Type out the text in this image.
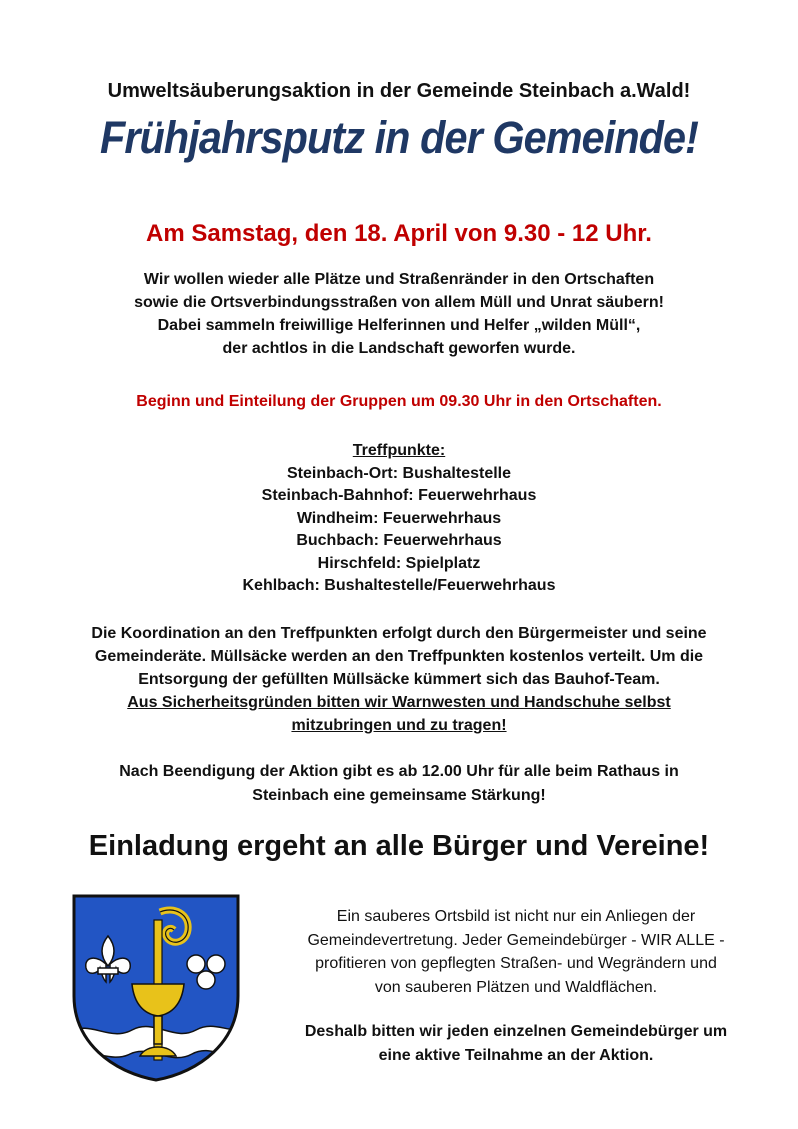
Umweltsäuberungsaktion in der Gemeinde Steinbach a.Wald!
Frühjahrsputz in der Gemeinde!
Am Samstag, den 18. April von 9.30 - 12 Uhr.
Wir wollen wieder alle Plätze und Straßenränder in den Ortschaften
sowie die Ortsverbindungsstraßen von allem Müll und Unrat säubern!
Dabei sammeln freiwillige Helferinnen und Helfer „wilden Müll“,
der achtlos in die Landschaft geworfen wurde.
Beginn und Einteilung der Gruppen um 09.30 Uhr in den Ortschaften.
Treffpunkte:
Steinbach-Ort: Bushaltestelle
Steinbach-Bahnhof: Feuerwehrhaus
Windheim: Feuerwehrhaus
Buchbach: Feuerwehrhaus
Hirschfeld: Spielplatz
Kehlbach: Bushaltestelle/Feuerwehrhaus
Die Koordination an den Treffpunkten erfolgt durch den Bürgermeister und seine
Gemeinderäte. Müllsäcke werden an den Treffpunkten kostenlos verteilt. Um die
Entsorgung der gefüllten Müllsäcke kümmert sich das Bauhof-Team.
Aus Sicherheitsgründen bitten wir Warnwesten und Handschuhe selbst
mitzubringen und zu tragen!
Nach Beendigung der Aktion gibt es ab 12.00 Uhr für alle beim Rathaus in
Steinbach eine gemeinsame Stärkung!
Einladung ergeht an alle Bürger und Vereine!
Ein sauberes Ortsbild ist nicht nur ein Anliegen der
Gemeindevertretung. Jeder Gemeindebürger - WIR ALLE -
profitieren von gepflegten Straßen- und Wegrändern und
von sauberen Plätzen und Waldflächen.
Deshalb bitten wir jeden einzelnen Gemeindebürger um
eine aktive Teilnahme an der Aktion.
